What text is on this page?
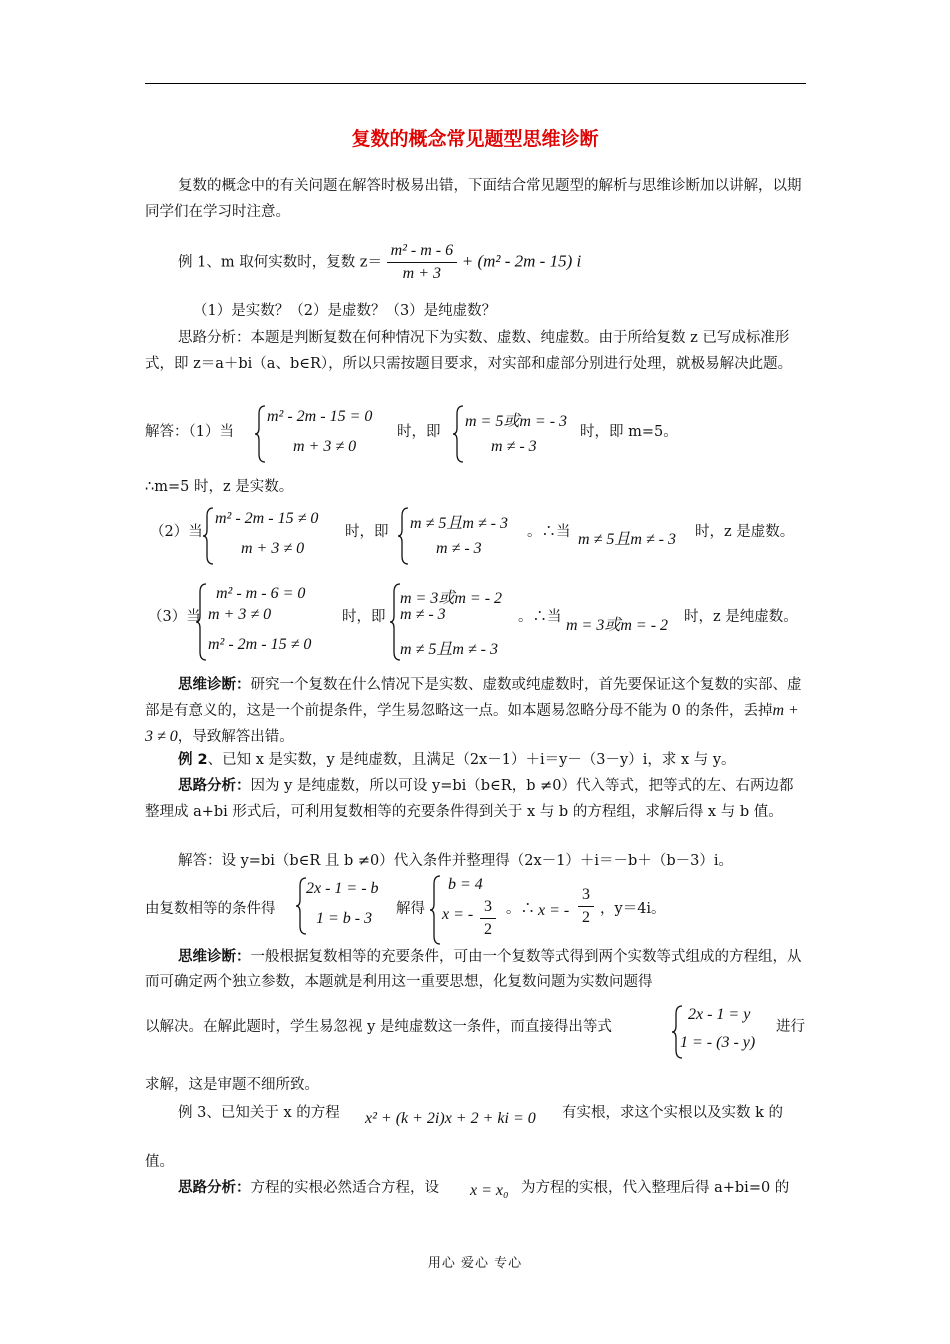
复数的概念常见题型思维诊断
复数的概念中的有关问题在解答时极易出错，下面结合常见题型的解析与思维诊断加以讲解，以期同学们在学习时注意。
例 1、m 取何实数时，复数 $z= \frac{\text{m² - m - 6}}{m + 3} + (m^2 - 2m - 15)$ i
（1）是实数？（2）是虚数？（3）是纯虚数？
思路分析：本题是判断复数在何种情况下为实数、虚数、纯虚数。由于所给复数 z 已写成标准形式，即 z＝a＋bi（a、b∈R），所以只需按题目要求，对实部和虚部分别进行处理，就极易解决此题。
解答：（1）当
m² - 2m - 15 = 0
m + 3 ≠ 0
时，即
m = 5或m = - 3
m ≠ - 3
时，即 m=5。
∴m=5 时，z 是实数。
（2）当
m² - 2m - 15 ≠ 0
m + 3 ≠ 0
时，即 m ≠ 5且m ≠ - 3
m ≠ - 3
。∴当 m ≠ 5且m ≠ - 3 时，z 是虚数。
（3）当
m² - m - 6 = 0
m + 3 ≠ 0
m² - 2m - 15 ≠ 0
时，即
m = 3或m = - 2
m ≠ - 3
m ≠ 5且m ≠ - 3
。∴当 m = 3或m = - 2 时，z 是纯虚数。
思维诊断：研究一个复数在什么情况下是实数、虚数或纯虚数时，首先要保证这个复数的实部、虚部是有意义的，这是一个前提条件，学生易忽略这一点。如本题易忽略分母不能为 0 的条件，丢掉m + 3 ≠ 0，导致解答出错。
例 2、已知 x 是实数，y 是纯虚数，且满足（2x－1）＋i＝y－（3－y）i，求 x 与 y。
思路分析：因为 y 是纯虚数，所以可设 y=bi（b∈R，b ≠0）代入等式，把等式的左、右两边都整理成 a+bi 形式后，可利用复数相等的充要条件得到关于 x 与 b 的方程组，求解后得 x 与 b 值。
解答：设 y=bi（b∈R 且 b ≠0）代入条件并整理得（2x－1）＋i＝－b＋（b－3）i。
由复数相等的条件得
2x - 1 = - b
1 = b - 3
解得
b = 4
x = - $\frac{3}{2}$ 。∴ x = - $\frac{3}{2}$ ，y＝4i。
思维诊断：一般根据复数相等的充要条件，可由一个复数等式得到两个实数等式组成的方程组，从而可确定两个独立参数，本题就是利用这一重要思想，化复数问题为实数问题得
以解决。在解此题时，学生易忽视 y 是纯虚数这一条件，而直接得出等式
2x - 1 = y
1 = - (3 - y)
进行
求解，这是审题不细所致。
例 3、已知关于 x 的方程 x² + (k + 2i)x + 2 + ki = 0 有实根，求这个实根以及实数 k 的
值。
思路分析：方程的实根必然适合方程，设 x = x₀ 为方程的实根，代入整理后得 a+bi=0 的
用心 爱心 专心
